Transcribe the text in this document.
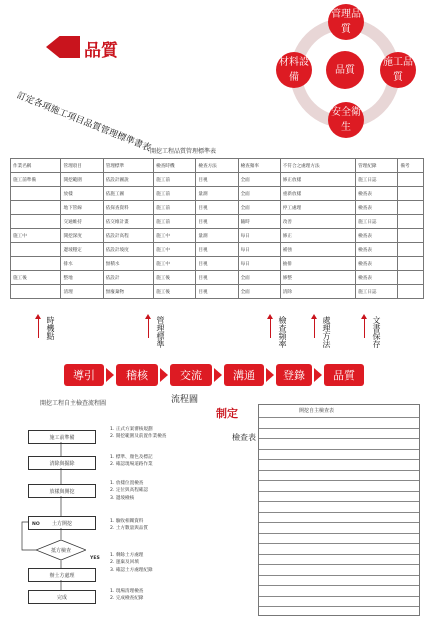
品質
管理品質
施工品質
安全衛生
材料設備
品質
訂定各項施工項目品質管理標準書表
開挖工程品質管理標準表
作業名稱	管理項目	管理標準	檢查時機	檢查方法	檢查頻率	不符合之處理方法	管理紀錄	備考
施工前準備	開挖範圍	依設計圖說	施工前	目視	全面	修正放樣	施工日誌	
	放樣	依施工圖	施工前	量測	全面	重新放樣	檢查表	
	地下管線	依探查資料	施工前	目視	全面	停工處理	檢查表	
	交通維持	依交維計畫	施工前	目視	隨時	改善	施工日誌	
施工中	開挖深度	依設計高程	施工中	量測	每日	修正	檢查表	
	邊坡穩定	依設計坡度	施工中	目視	每日	補強	檢查表	
	排水	無積水	施工中	目視	每日	抽排	檢查表	
施工後	整地	依設計	施工後	目視	全面	修整	檢查表	
	清理	無廢棄物	施工後	目視	全面	清除	施工日誌	
時機點	管理標準	檢查頻率	處理方法	文書保存
導引	稽核	交流	溝通	登錄	品質
流程圖
制定
檢查表
開挖工程自主檢查流程圖
施工前準備
清除與掘除
放樣與開挖
土方開挖
抵方檢查
NO
YES
辦土方處理
完成
1. 正式方案審核規劃
2. 開挖範圍及前置作業檢查
1. 標準、顏色及標記
2. 確認現場道路作業
1. 放樣位置檢查
2. 定位與高程確認
3. 邊坡檢核
1. 驗收相關資料
2. 土方數量與品質
1. 剩餘土方處理
2. 運棄及回填
3. 確認土方處理紀錄
1. 現場清理檢查
2. 完成檢查紀錄
開挖自主檢查表
